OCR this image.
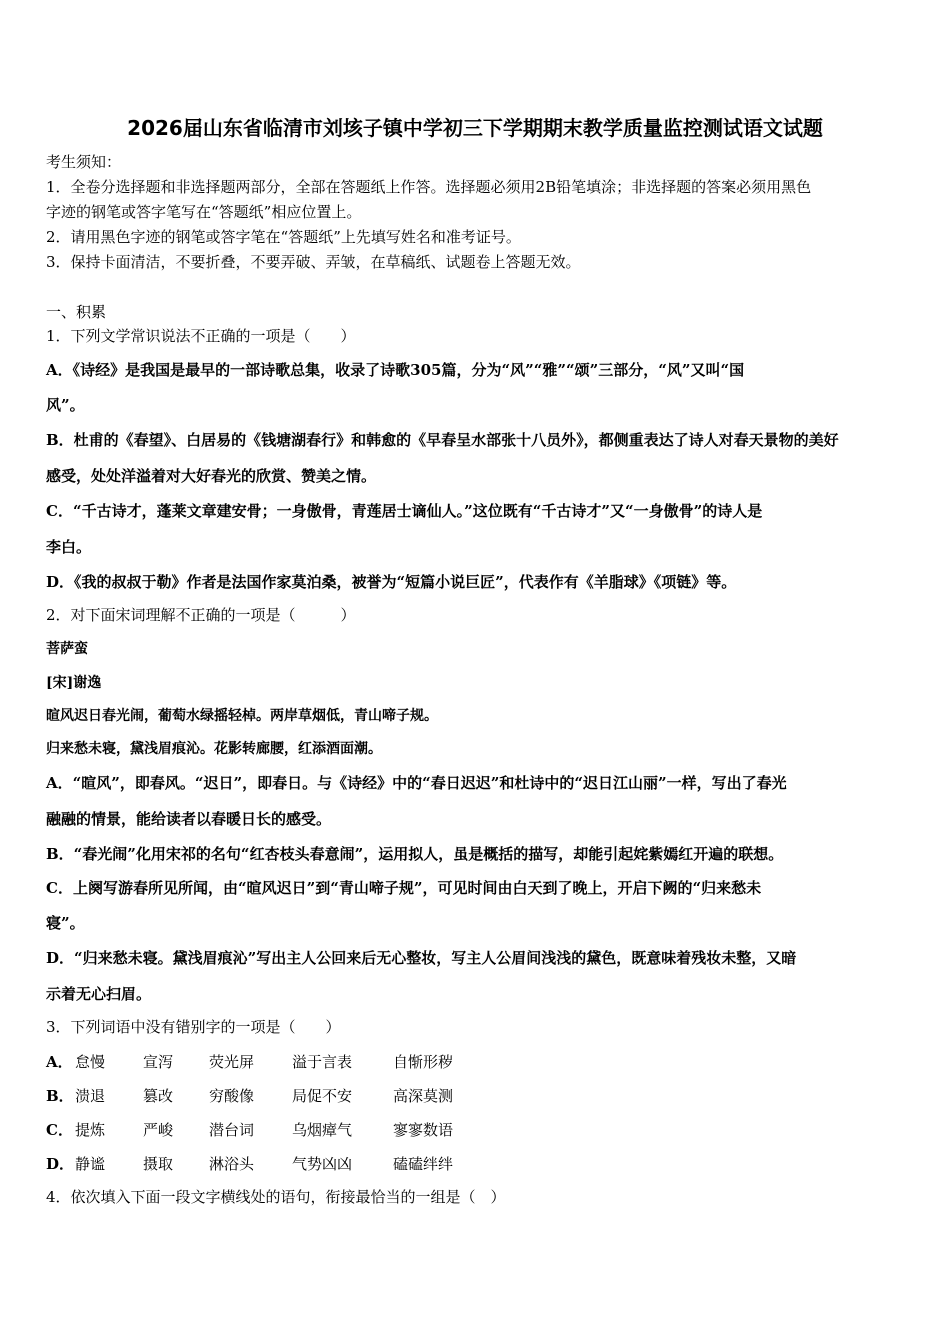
2026届山东省临清市刘垓子镇中学初三下学期期末教学质量监控测试语文试题
考生须知：
1．全卷分选择题和非选择题两部分，全部在答题纸上作答。选择题必须用2B铅笔填涂；非选择题的答案必须用黑色
字迹的钢笔或答字笔写在“答题纸”相应位置上。
2．请用黑色字迹的钢笔或答字笔在“答题纸”上先填写姓名和准考证号。
3．保持卡面清洁，不要折叠，不要弄破、弄皱，在草稿纸、试题卷上答题无效。
一、积累
1．下列文学常识说法不正确的一项是（　　）
A．《诗经》是我国是最早的一部诗歌总集，收录了诗歌305篇，分为“风”“雅”“颂”三部分，“风”又叫“国
风”。
B．杜甫的《春望》、白居易的《钱塘湖春行》和韩愈的《早春呈水部张十八员外》，都侧重表达了诗人对春天景物的美好
感受，处处洋溢着对大好春光的欣赏、赞美之情。
C．“千古诗才，蓬莱文章建安骨；一身傲骨，青莲居士谪仙人。”这位既有“千古诗才”又“一身傲骨”的诗人是
李白。
D．《我的叔叔于勒》作者是法国作家莫泊桑，被誉为“短篇小说巨匠”，代表作有《羊脂球》《项链》等。
2．对下面宋词理解不正确的一项是（　　　）
菩萨蛮
[宋]谢逸
暄风迟日春光闹，葡萄水绿摇轻棹。两岸草烟低，青山啼子规。
归来愁未寝，黛浅眉痕沁。花影转廊腰，红添酒面潮。
A．“暄风”，即春风。“迟日”，即春日。与《诗经》中的“春日迟迟”和杜诗中的“迟日江山丽”一样，写出了春光
融融的情景，能给读者以春暖日长的感受。
B．“春光闹”化用宋祁的名句“红杏枝头春意闹”，运用拟人，虽是概括的描写，却能引起姹紫嫣红开遍的联想。
C．上阕写游春所见所闻，由“暄风迟日”到“青山啼子规”，可见时间由白天到了晚上，开启下阙的“归来愁未
寝”。
D．“归来愁未寝。黛浅眉痕沁”写出主人公回来后无心整妆，写主人公眉间浅浅的黛色，既意味着残妆未整，又暗
示着无心扫眉。
3．下列词语中没有错别字的一项是（　　）
A． 怠慢	宣泻 荧光屏	溢于言表	自惭形秽
B． 溃退	篡改 穷酸像	局促不安	高深莫测
C． 提炼	严峻 潜台词	乌烟瘴气	寥寥数语
D． 静谧	摄取 淋浴头	气势凶凶	磕磕绊绊
4．依次填入下面一段文字横线处的语句，衔接最恰当的一组是（　）
